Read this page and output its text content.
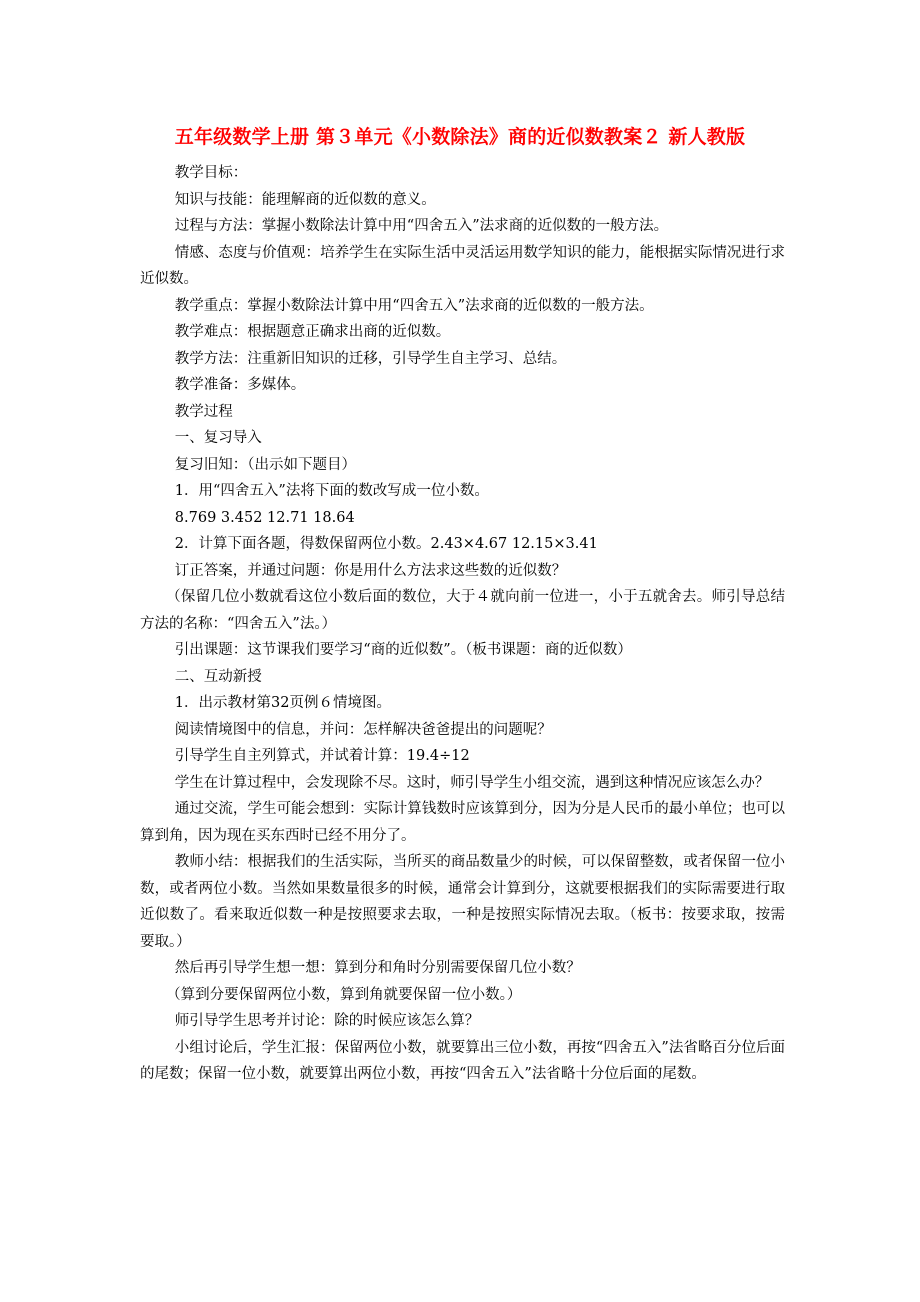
五年级数学上册 第３单元《小数除法》商的近似数教案２ 新人教版

教学目标：

知识与技能：能理解商的近似数的意义。

过程与方法：掌握小数除法计算中用“四舍五入”法求商的近似数的一般方法。

情感、态度与价值观：培养学生在实际生活中灵活运用数学知识的能力，能根据实际情况进行求近似数。

教学重点：掌握小数除法计算中用“四舍五入”法求商的近似数的一般方法。

教学难点：根据题意正确求出商的近似数。

教学方法：注重新旧知识的迁移，引导学生自主学习、总结。

教学准备：多媒体。

教学过程

一、复习导入

复习旧知：（出示如下题目）

1．用“四舍五入”法将下面的数改写成一位小数。

8.769 3.452 12.71 18.64

2．计算下面各题，得数保留两位小数。2.43×4.67 12.15×3.41

订正答案，并通过问题：你是用什么方法求这些数的近似数？

（保留几位小数就看这位小数后面的数位，大于４就向前一位进一，小于五就舍去。师引导总结方法的名称：“四舍五入”法。）

引出课题：这节课我们要学习“商的近似数”。（板书课题：商的近似数）

二、互动新授

1．出示教材第32页例６情境图。

阅读情境图中的信息，并问：怎样解决爸爸提出的问题呢？

引导学生自主列算式，并试着计算：19.4÷12

学生在计算过程中，会发现除不尽。这时，师引导学生小组交流，遇到这种情况应该怎么办？

通过交流，学生可能会想到：实际计算钱数时应该算到分，因为分是人民币的最小单位；也可以算到角，因为现在买东西时已经不用分了。

教师小结：根据我们的生活实际，当所买的商品数量少的时候，可以保留整数，或者保留一位小数，或者两位小数。当然如果数量很多的时候，通常会计算到分，这就要根据我们的实际需要进行取近似数了。看来取近似数一种是按照要求去取，一种是按照实际情况去取。（板书：按要求取，按需要取。）

然后再引导学生想一想：算到分和角时分别需要保留几位小数？

（算到分要保留两位小数，算到角就要保留一位小数。）

师引导学生思考并讨论：除的时候应该怎么算？

小组讨论后，学生汇报：保留两位小数，就要算出三位小数，再按“四舍五入”法省略百分位后面的尾数；保留一位小数，就要算出两位小数，再按“四舍五入”法省略十分位后面的尾数。
